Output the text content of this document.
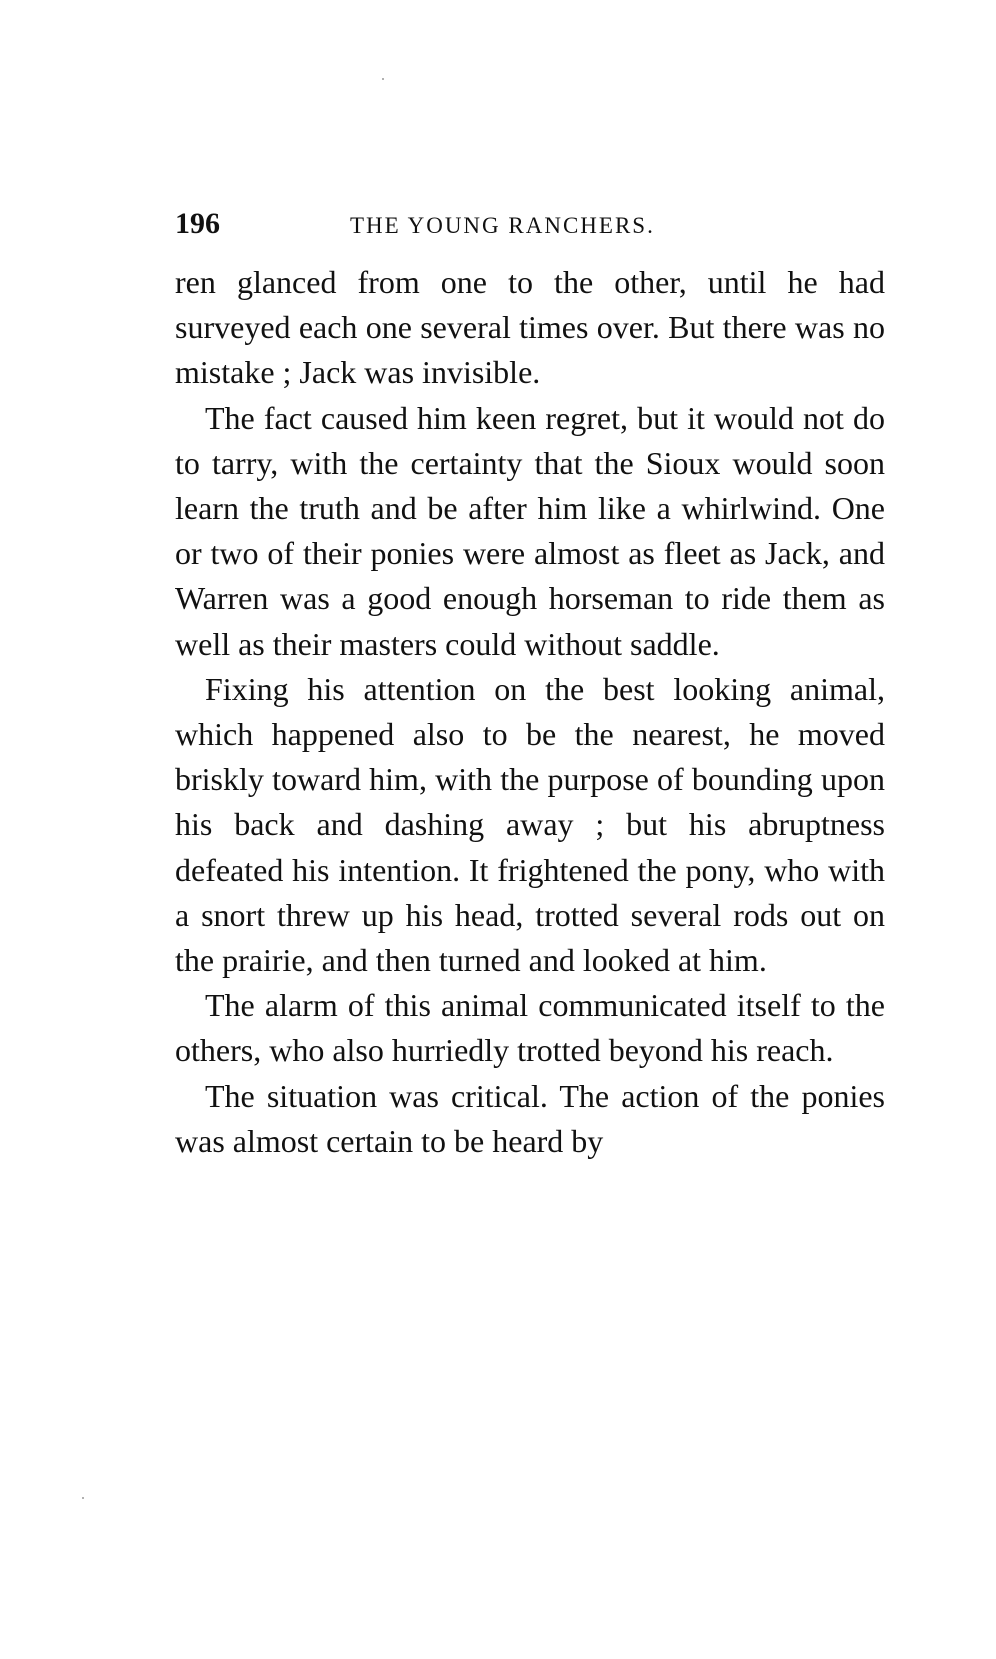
196	THE YOUNG RANCHERS.

ren glanced from one to the other, until he had surveyed each one several times over. But there was no mistake ; Jack was invisible.

The fact caused him keen regret, but it would not do to tarry, with the certainty that the Sioux would soon learn the truth and be after him like a whirlwind. One or two of their ponies were almost as fleet as Jack, and Warren was a good enough horseman to ride them as well as their masters could without saddle.

Fixing his attention on the best looking animal, which happened also to be the nearest, he moved briskly toward him, with the purpose of bounding upon his back and dashing away ; but his abruptness defeated his intention. It frightened the pony, who with a snort threw up his head, trotted several rods out on the prairie, and then turned and looked at him.

The alarm of this animal communicated itself to the others, who also hurriedly trotted beyond his reach.

The situation was critical. The action of the ponies was almost certain to be heard by
